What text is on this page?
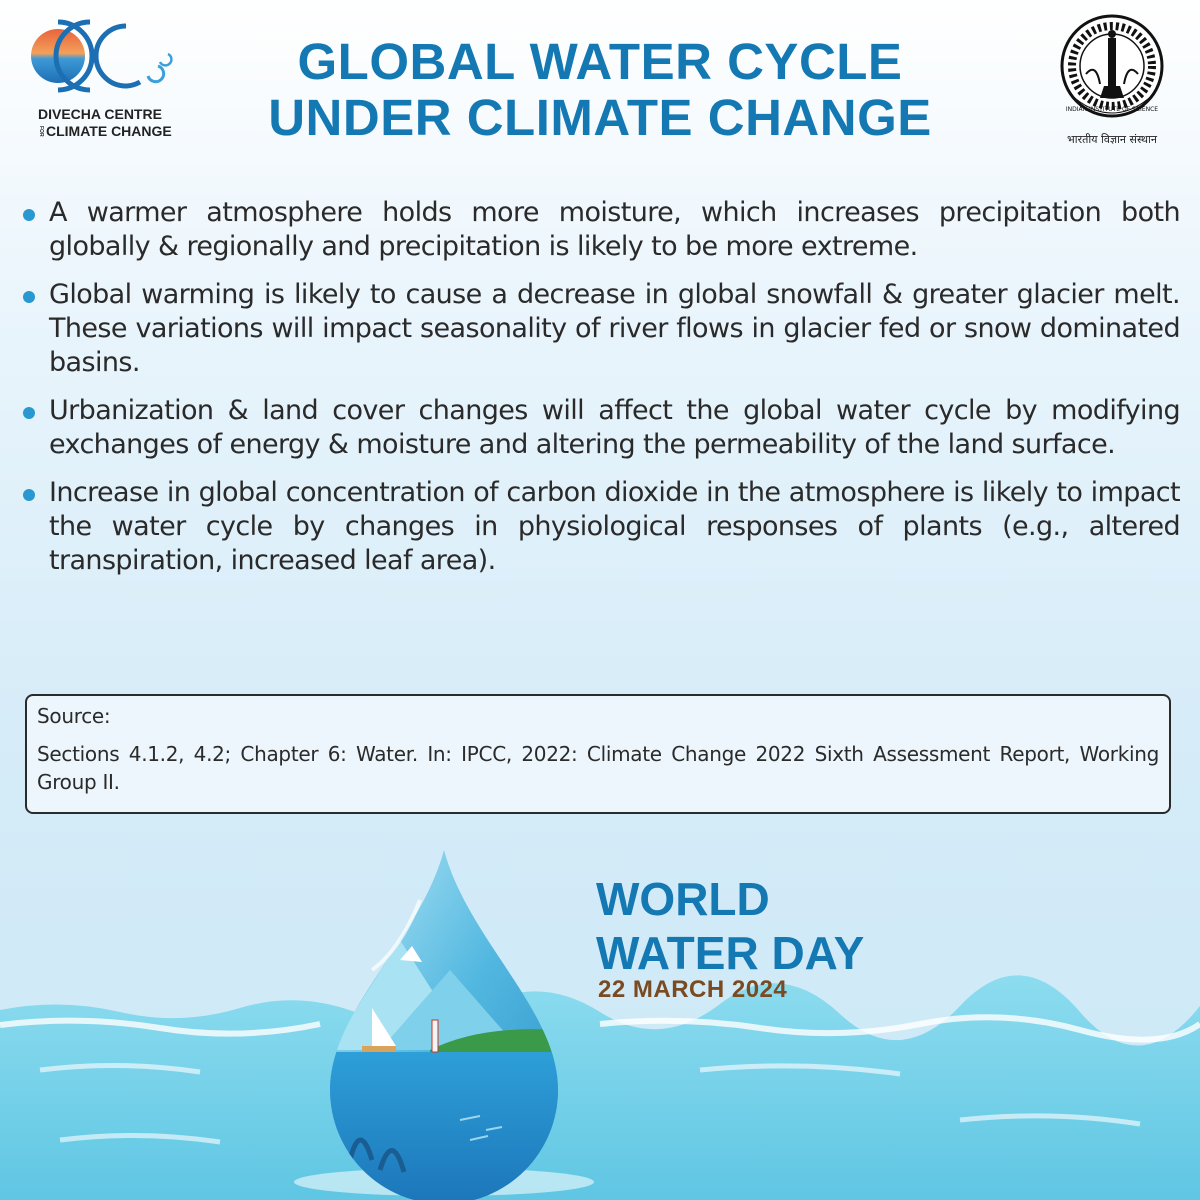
DIVECHA CENTRE
FOR CLIMATE CHANGE
GLOBAL WATER CYCLE
UNDER CLIMATE CHANGE	INDIAN INSTITUTE OF SCIENCE
भारतीय विज्ञान संस्थान
A warmer atmosphere holds more moisture, which increases precipitation both globally & regionally and precipitation is likely to be more extreme.
Global warming is likely to cause a decrease in global snowfall & greater glacier melt. These variations will impact seasonality of river flows in glacier fed or snow dominated basins.
Urbanization & land cover changes will affect the global water cycle by modifying exchanges of energy & moisture and altering the permeability of the land surface.
Increase in global concentration of carbon dioxide in the atmosphere is likely to impact the water cycle by changes in physiological responses of plants (e.g., altered transpiration, increased leaf area).
Source:
Sections 4.1.2, 4.2; Chapter 6: Water. In: IPCC, 2022: Climate Change 2022 Sixth Assessment Report, Working Group II.
WORLD
WATER DAY
22 MARCH 2024
